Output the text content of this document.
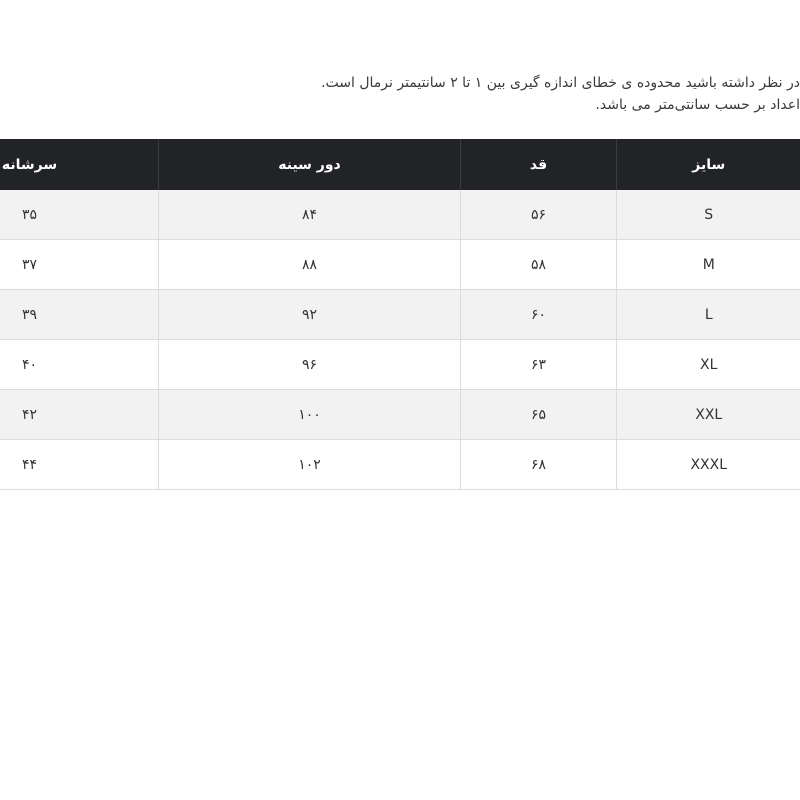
در نظر داشته باشید محدوده ی خطای اندازه گیری بین ۱ تا ۲ سانتیمتر نرمال است.

اعداد بر حسب سانتی‌متر می باشد.

سایز	قد	دور سینه	سرشانه
S	۵۶	۸۴	۳۵
M	۵۸	۸۸	۳۷
L	۶۰	۹۲	۳۹
XL	۶۳	۹۶	۴۰
XXL	۶۵	۱۰۰	۴۲
XXXL	۶۸	۱۰۲	۴۴
